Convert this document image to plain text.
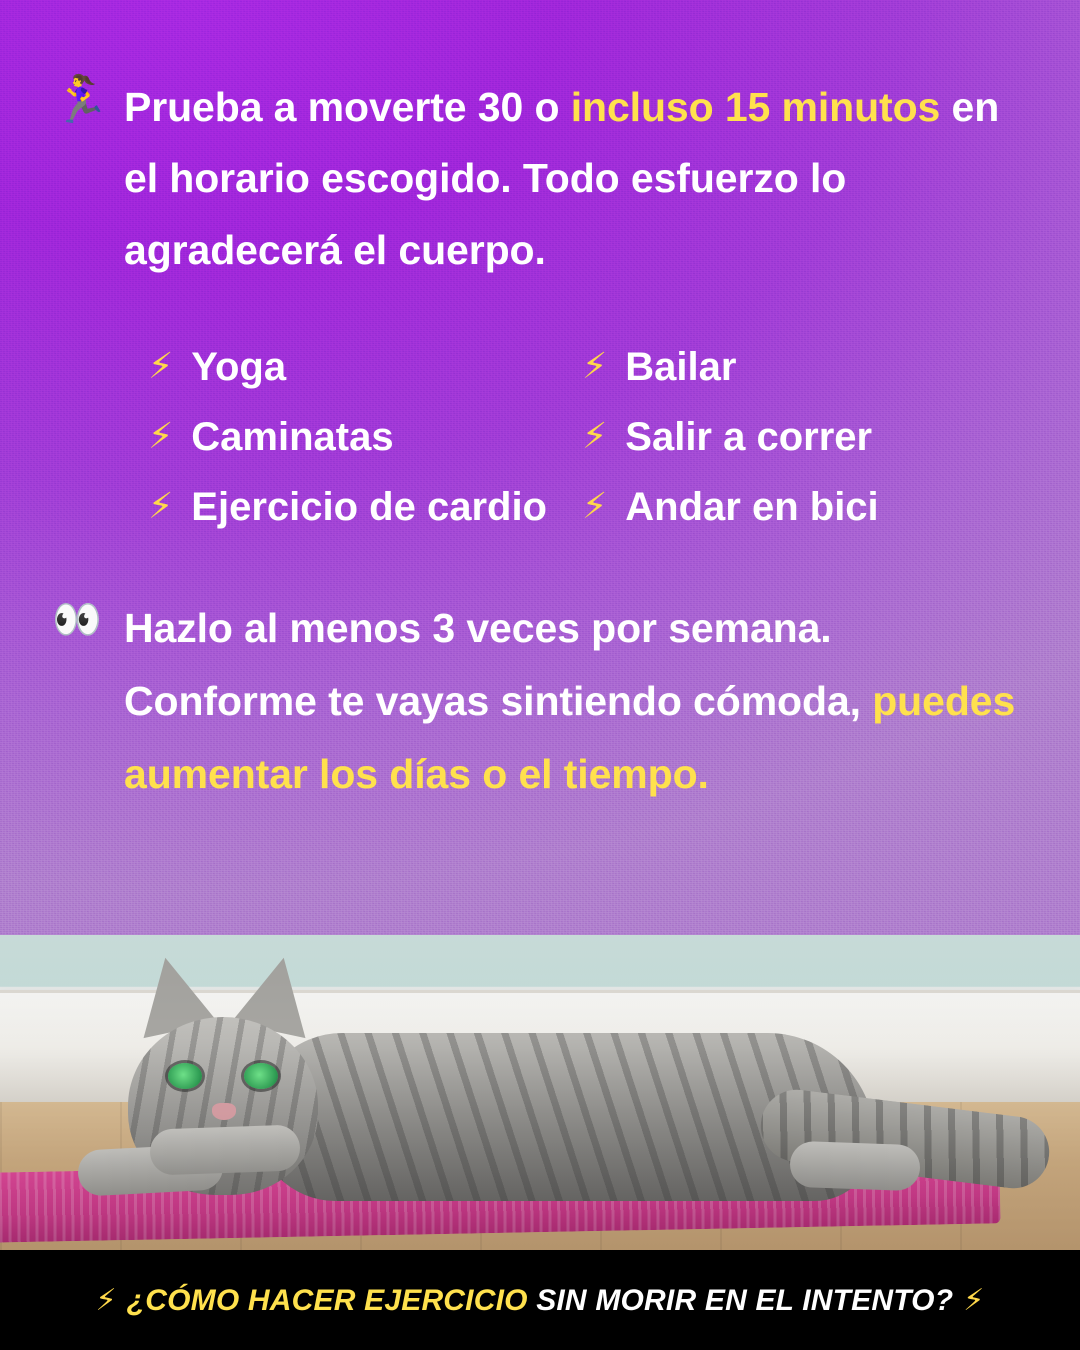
🏃‍♀️ Prueba a moverte 30 o incluso 15 minutos en el horario escogido. Todo esfuerzo lo agradecerá el cuerpo.
⚡ Yoga
⚡ Caminatas
⚡ Ejercicio de cardio
⚡ Bailar
⚡ Salir a correr
⚡ Andar en bici
👀 Hazlo al menos 3 veces por semana. Conforme te vayas sintiendo cómoda, puedes aumentar los días o el tiempo.
⚡ ¿CÓMO HACER EJERCICIO SIN MORIR EN EL INTENTO? ⚡
